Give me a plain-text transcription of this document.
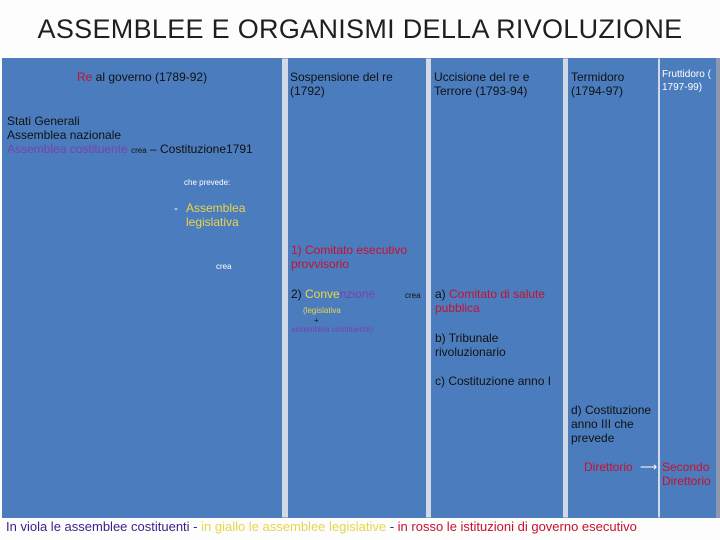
ASSEMBLEE E ORGANISMI DELLA RIVOLUZIONE
Re al governo (1789-92)	Sospensione del re (1792)
Uccisione del re e Terrore (1793-94)
Termidoro (1794-97)
Fruttidoro ( 1797-99)
Stati Generali
Assemblea nazionale
Assemblea costituente crea – Costituzione1791
che prevede:
- Assemblea legislativa
crea
1) Comitato esecutivo provvisorio
2) Convenzione
(legislativa
+
assemblea costituente)
crea	a) Comitato di salute pubblica
b) Tribunale rivoluzionario
c) Costituzione anno I
d) Costituzione anno III che prevede
Direttorio ⟶ Secondo Direttorio
In viola le assemblee costituenti - in giallo le assemblee legislative - in rosso le istituzioni di governo esecutivo
